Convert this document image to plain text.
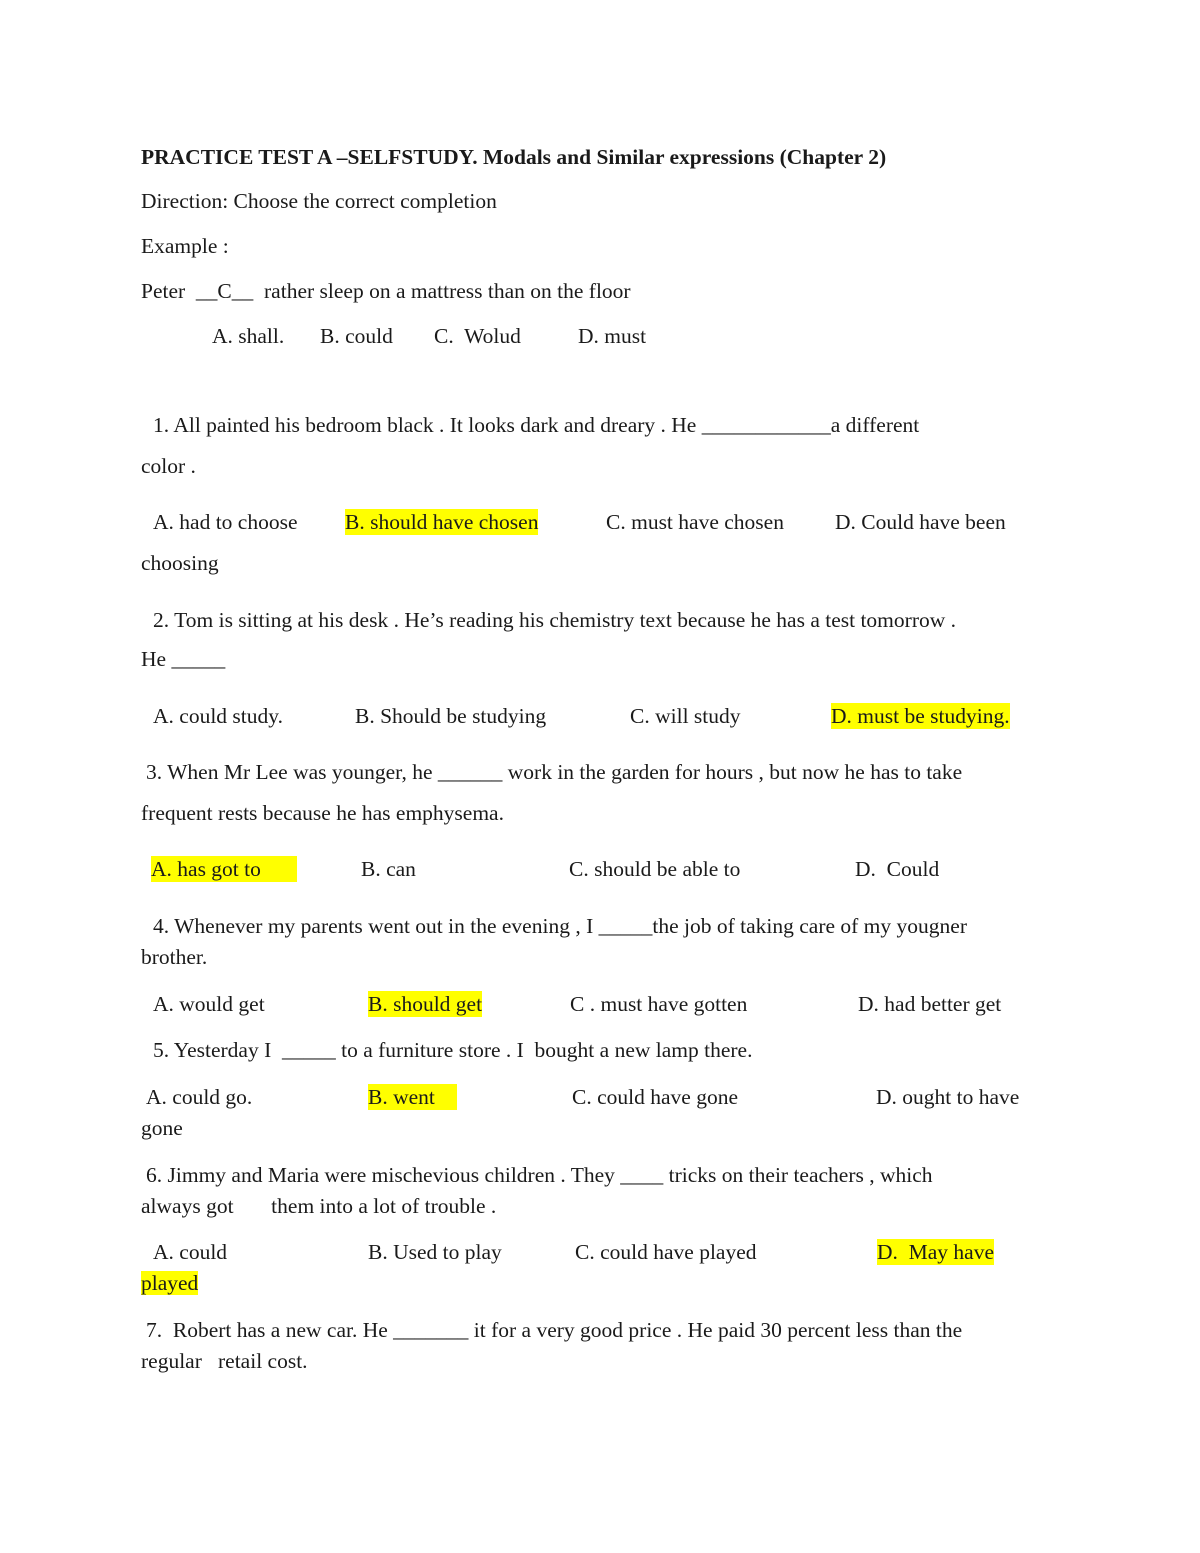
PRACTICE TEST A –SELFSTUDY. Modals and Similar expressions (Chapter 2)
Direction: Choose the correct completion
Example :
Peter  __C__  rather sleep on a mattress than on the floor
A. shall. B. could C.  Wolud	D. must
1. All painted his bedroom black . It looks dark and dreary . He ____________a different
color .
A. had to choose B. should have chosen	C. must have chosen D. Could have been
choosing
2. Tom is sitting at his desk . He’s reading his chemistry text because he has a test tomorrow .
He _____
A. could study.	B. Should be studying	C. will study	D. must be studying.
3. When Mr Lee was younger, he ______ work in the garden for hours , but now he has to take
frequent rests because he has emphysema.
A. has got to	B. can	C. should be able to	D.  Could
4. Whenever my parents went out in the evening , I _____the job of taking care of my yougner
brother.
A. would get	B. should get	C . must have gotten	D. had better get
5. Yesterday I  _____ to a furniture store . I  bought a new lamp there.
A. could go.	B. went	C. could have gone	D. ought to have
gone
6. Jimmy and Maria were mischevious children . They ____ tricks on their teachers , which
always got       them into a lot of trouble .
A. could	B. Used to play	C. could have played	D.  May have
played
7.  Robert has a new car. He _______ it for a very good price . He paid 30 percent less than the
regular   retail cost.
